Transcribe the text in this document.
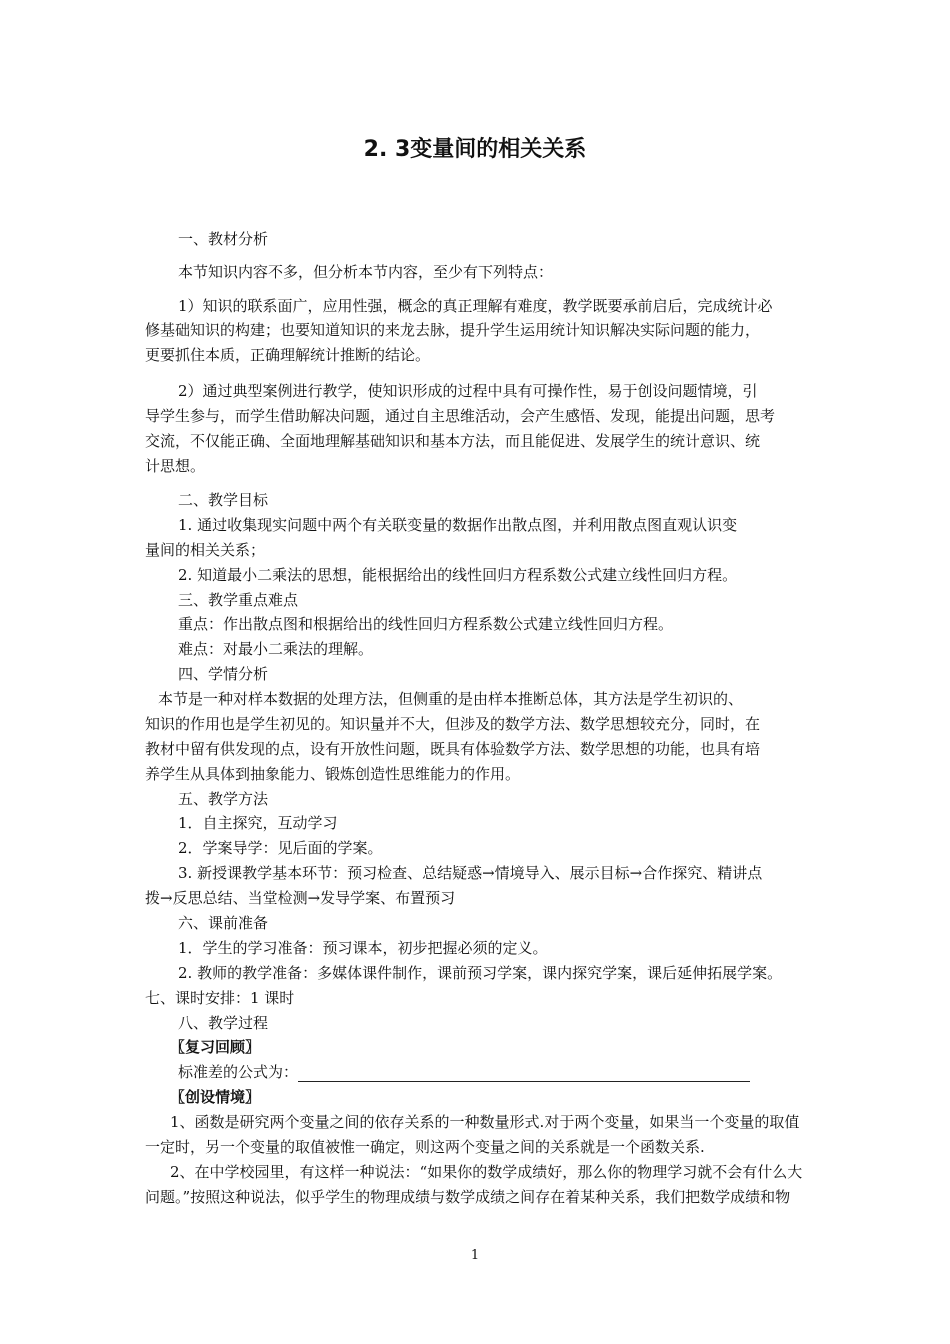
2. 3变量间的相关关系
一、教材分析
本节知识内容不多，但分析本节内容，至少有下列特点：
1）知识的联系面广，应用性强，概念的真正理解有难度，教学既要承前启后，完成统计必
修基础知识的构建；也要知道知识的来龙去脉，提升学生运用统计知识解决实际问题的能力，
更要抓住本质，正确理解统计推断的结论。
2）通过典型案例进行教学，使知识形成的过程中具有可操作性，易于创设问题情境，引
导学生参与，而学生借助解决问题，通过自主思维活动，会产生感悟、发现，能提出问题，思考
交流，不仅能正确、全面地理解基础知识和基本方法，而且能促进、发展学生的统计意识、统
计思想。
二、教学目标
1. 通过收集现实问题中两个有关联变量的数据作出散点图，并利用散点图直观认识变
量间的相关关系；
2. 知道最小二乘法的思想，能根据给出的线性回归方程系数公式建立线性回归方程。
三、教学重点难点
重点：作出散点图和根据给出的线性回归方程系数公式建立线性回归方程。
难点：对最小二乘法的理解。
四、学情分析
本节是一种对样本数据的处理方法，但侧重的是由样本推断总体，其方法是学生初识的、
知识的作用也是学生初见的。知识量并不大，但涉及的数学方法、数学思想较充分，同时，在
教材中留有供发现的点，设有开放性问题，既具有体验数学方法、数学思想的功能，也具有培
养学生从具体到抽象能力、锻炼创造性思维能力的作用。
五、教学方法
1．自主探究，互动学习
2．学案导学：见后面的学案。
3. 新授课教学基本环节：预习检查、总结疑惑→情境导入、展示目标→合作探究、精讲点
拨→反思总结、当堂检测→发导学案、布置预习
六、课前准备
1．学生的学习准备：预习课本，初步把握必须的定义。
2. 教师的教学准备：多媒体课件制作，课前预习学案，课内探究学案，课后延伸拓展学案。
七、课时安排：1 课时
八、教学过程
〖复习回顾〗
标准差的公式为：
〖创设情境〗
1、函数是研究两个变量之间的依存关系的一种数量形式.对于两个变量，如果当一个变量的取值
一定时，另一个变量的取值被惟一确定，则这两个变量之间的关系就是一个函数关系.
2、在中学校园里，有这样一种说法：“如果你的数学成绩好，那么你的物理学习就不会有什么大
问题。”按照这种说法，似乎学生的物理成绩与数学成绩之间存在着某种关系，我们把数学成绩和物
1
